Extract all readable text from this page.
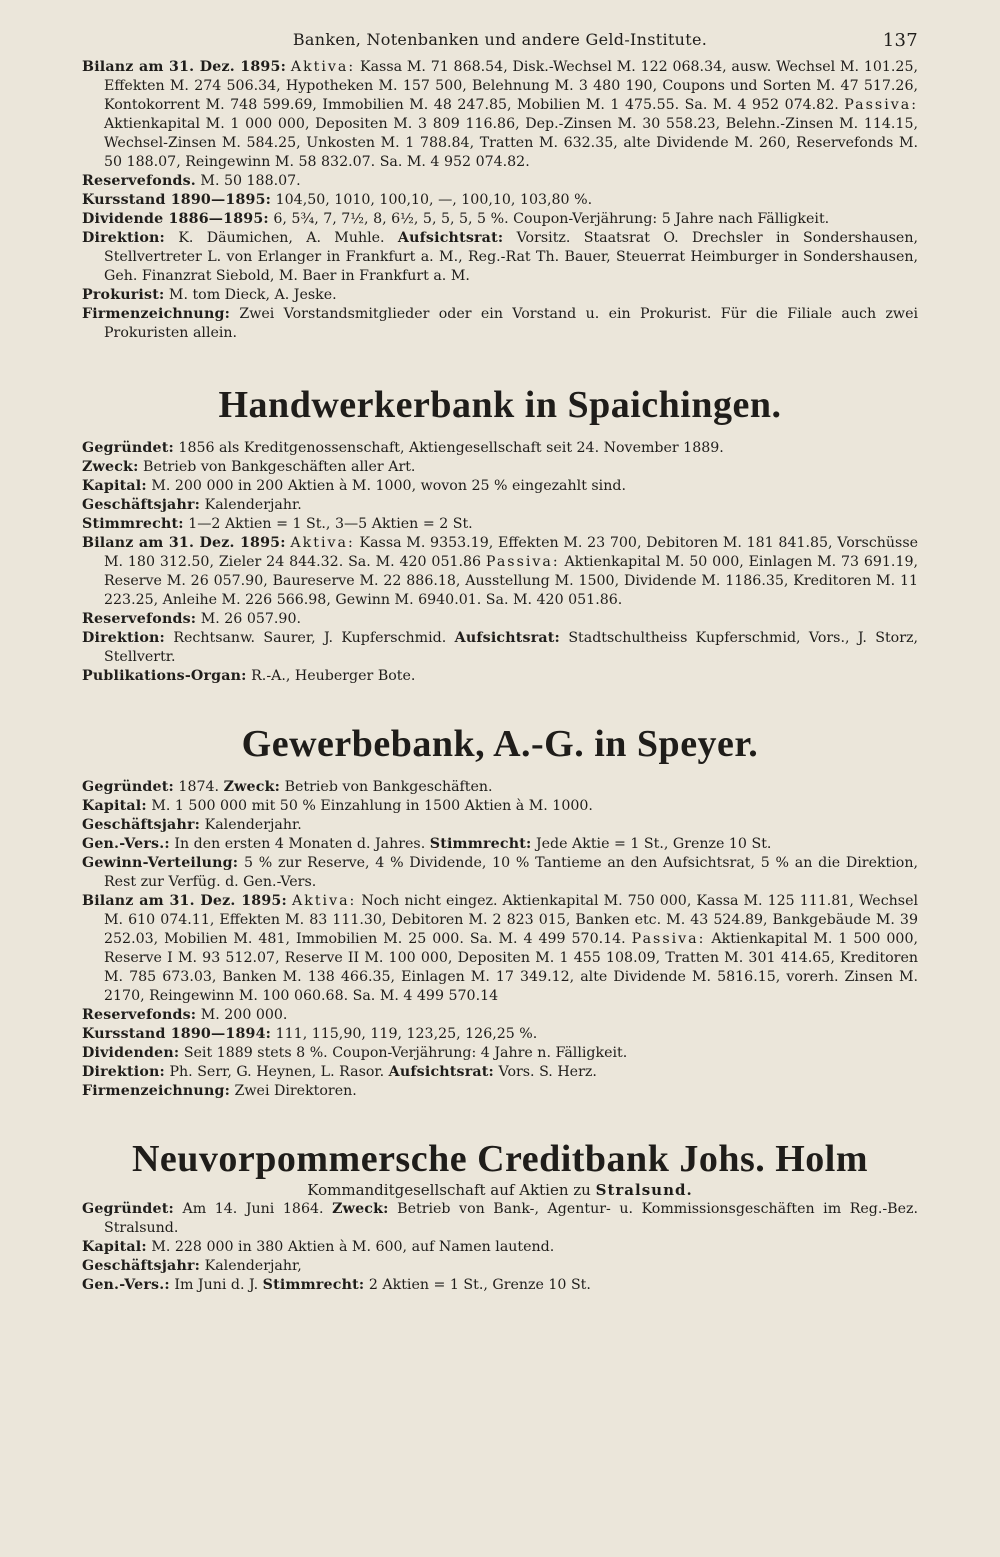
Banken, Notenbanken und andere Geld-Institute.	137

Bilanz am 31. Dez. 1895: Aktiva: Kassa M. 71 868.54, Disk.-Wechsel M. 122 068.34, ausw. Wechsel M. 101.25, Effekten M. 274 506.34, Hypotheken M. 157 500, Belehnung M. 3 480 190, Coupons und Sorten M. 47 517.26, Kontokorrent M. 748 599.69, Immobilien M. 48 247.85, Mobilien M. 1 475.55. Sa. M. 4 952 074.82. Passiva: Aktienkapital M. 1 000 000, Depositen M. 3 809 116.86, Dep.-Zinsen M. 30 558.23, Belehn.-Zinsen M. 114.15, Wechsel-Zinsen M. 584.25, Unkosten M. 1 788.84, Tratten M. 632.35, alte Dividende M. 260, Reservefonds M. 50 188.07, Reingewinn M. 58 832.07. Sa. M. 4 952 074.82.

Reservefonds. M. 50 188.07.

Kursstand 1890—1895: 104,50, 1010, 100,10, —, 100,10, 103,80 %.

Dividende 1886—1895: 6, 5¾, 7, 7½, 8, 6½, 5, 5, 5, 5 %. Coupon-Verjährung: 5 Jahre nach Fälligkeit.

Direktion: K. Däumichen, A. Muhle. Aufsichtsrat: Vorsitz. Staatsrat O. Drechsler in Sondershausen, Stellvertreter L. von Erlanger in Frankfurt a. M., Reg.-Rat Th. Bauer, Steuerrat Heimburger in Sondershausen, Geh. Finanzrat Siebold, M. Baer in Frankfurt a. M.

Prokurist: M. tom Dieck, A. Jeske.

Firmenzeichnung: Zwei Vorstandsmitglieder oder ein Vorstand u. ein Prokurist. Für die Filiale auch zwei Prokuristen allein.

Handwerkerbank in Spaichingen.

Gegründet: 1856 als Kreditgenossenschaft, Aktiengesellschaft seit 24. November 1889.

Zweck: Betrieb von Bankgeschäften aller Art.

Kapital: M. 200 000 in 200 Aktien à M. 1000, wovon 25 % eingezahlt sind.

Geschäftsjahr: Kalenderjahr.

Stimmrecht: 1—2 Aktien = 1 St., 3—5 Aktien = 2 St.

Bilanz am 31. Dez. 1895: Aktiva: Kassa M. 9353.19, Effekten M. 23 700, Debitoren M. 181 841.85, Vorschüsse M. 180 312.50, Zieler 24 844.32. Sa. M. 420 051.86 Passiva: Aktienkapital M. 50 000, Einlagen M. 73 691.19, Reserve M. 26 057.90, Baureserve M. 22 886.18, Ausstellung M. 1500, Dividende M. 1186.35, Kreditoren M. 11 223.25, Anleihe M. 226 566.98, Gewinn M. 6940.01. Sa. M. 420 051.86.

Reservefonds: M. 26 057.90.

Direktion: Rechtsanw. Saurer, J. Kupferschmid. Aufsichtsrat: Stadtschultheiss Kupferschmid, Vors., J. Storz, Stellvertr.

Publikations-Organ: R.-A., Heuberger Bote.

Gewerbebank, A.-G. in Speyer.

Gegründet: 1874. Zweck: Betrieb von Bankgeschäften.

Kapital: M. 1 500 000 mit 50 % Einzahlung in 1500 Aktien à M. 1000.

Geschäftsjahr: Kalenderjahr.

Gen.-Vers.: In den ersten 4 Monaten d. Jahres. Stimmrecht: Jede Aktie = 1 St., Grenze 10 St.

Gewinn-Verteilung: 5 % zur Reserve, 4 % Dividende, 10 % Tantieme an den Aufsichtsrat, 5 % an die Direktion, Rest zur Verfüg. d. Gen.-Vers.

Bilanz am 31. Dez. 1895: Aktiva: Noch nicht eingez. Aktienkapital M. 750 000, Kassa M. 125 111.81, Wechsel M. 610 074.11, Effekten M. 83 111.30, Debitoren M. 2 823 015, Banken etc. M. 43 524.89, Bankgebäude M. 39 252.03, Mobilien M. 481, Immobilien M. 25 000. Sa. M. 4 499 570.14. Passiva: Aktienkapital M. 1 500 000, Reserve I M. 93 512.07, Reserve II M. 100 000, Depositen M. 1 455 108.09, Tratten M. 301 414.65, Kreditoren M. 785 673.03, Banken M. 138 466.35, Einlagen M. 17 349.12, alte Dividende M. 5816.15, vorerh. Zinsen M. 2170, Reingewinn M. 100 060.68. Sa. M. 4 499 570.14

Reservefonds: M. 200 000.

Kursstand 1890—1894: 111, 115,90, 119, 123,25, 126,25 %.

Dividenden: Seit 1889 stets 8 %. Coupon-Verjährung: 4 Jahre n. Fälligkeit.

Direktion: Ph. Serr, G. Heynen, L. Rasor. Aufsichtsrat: Vors. S. Herz.

Firmenzeichnung: Zwei Direktoren.

Neuvorpommersche Creditbank Johs. Holm

Kommanditgesellschaft auf Aktien zu Stralsund.

Gegründet: Am 14. Juni 1864. Zweck: Betrieb von Bank-, Agentur- u. Kommissionsgeschäften im Reg.-Bez. Stralsund.

Kapital: M. 228 000 in 380 Aktien à M. 600, auf Namen lautend.

Geschäftsjahr: Kalenderjahr,

Gen.-Vers.: Im Juni d. J. Stimmrecht: 2 Aktien = 1 St., Grenze 10 St.
